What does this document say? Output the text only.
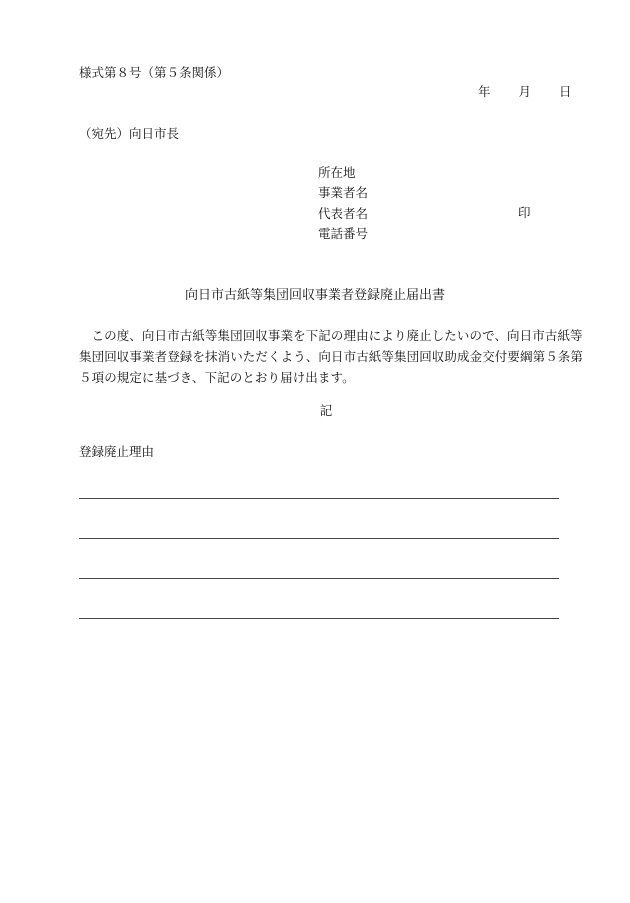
様式第８号（第５条関係）
年 月 日
（宛先）向日市長
所在地
事業者名
代表者名	印
電話番号
向日市古紙等集団回収事業者登録廃止届出書
この度、向日市古紙等集団回収事業を下記の理由により廃止したいので、向日市古紙等集団回収事業者登録を抹消いただくよう、向日市古紙等集団回収助成金交付要綱第５条第５項の規定に基づき、下記のとおり届け出ます。
記
登録廃止理由
